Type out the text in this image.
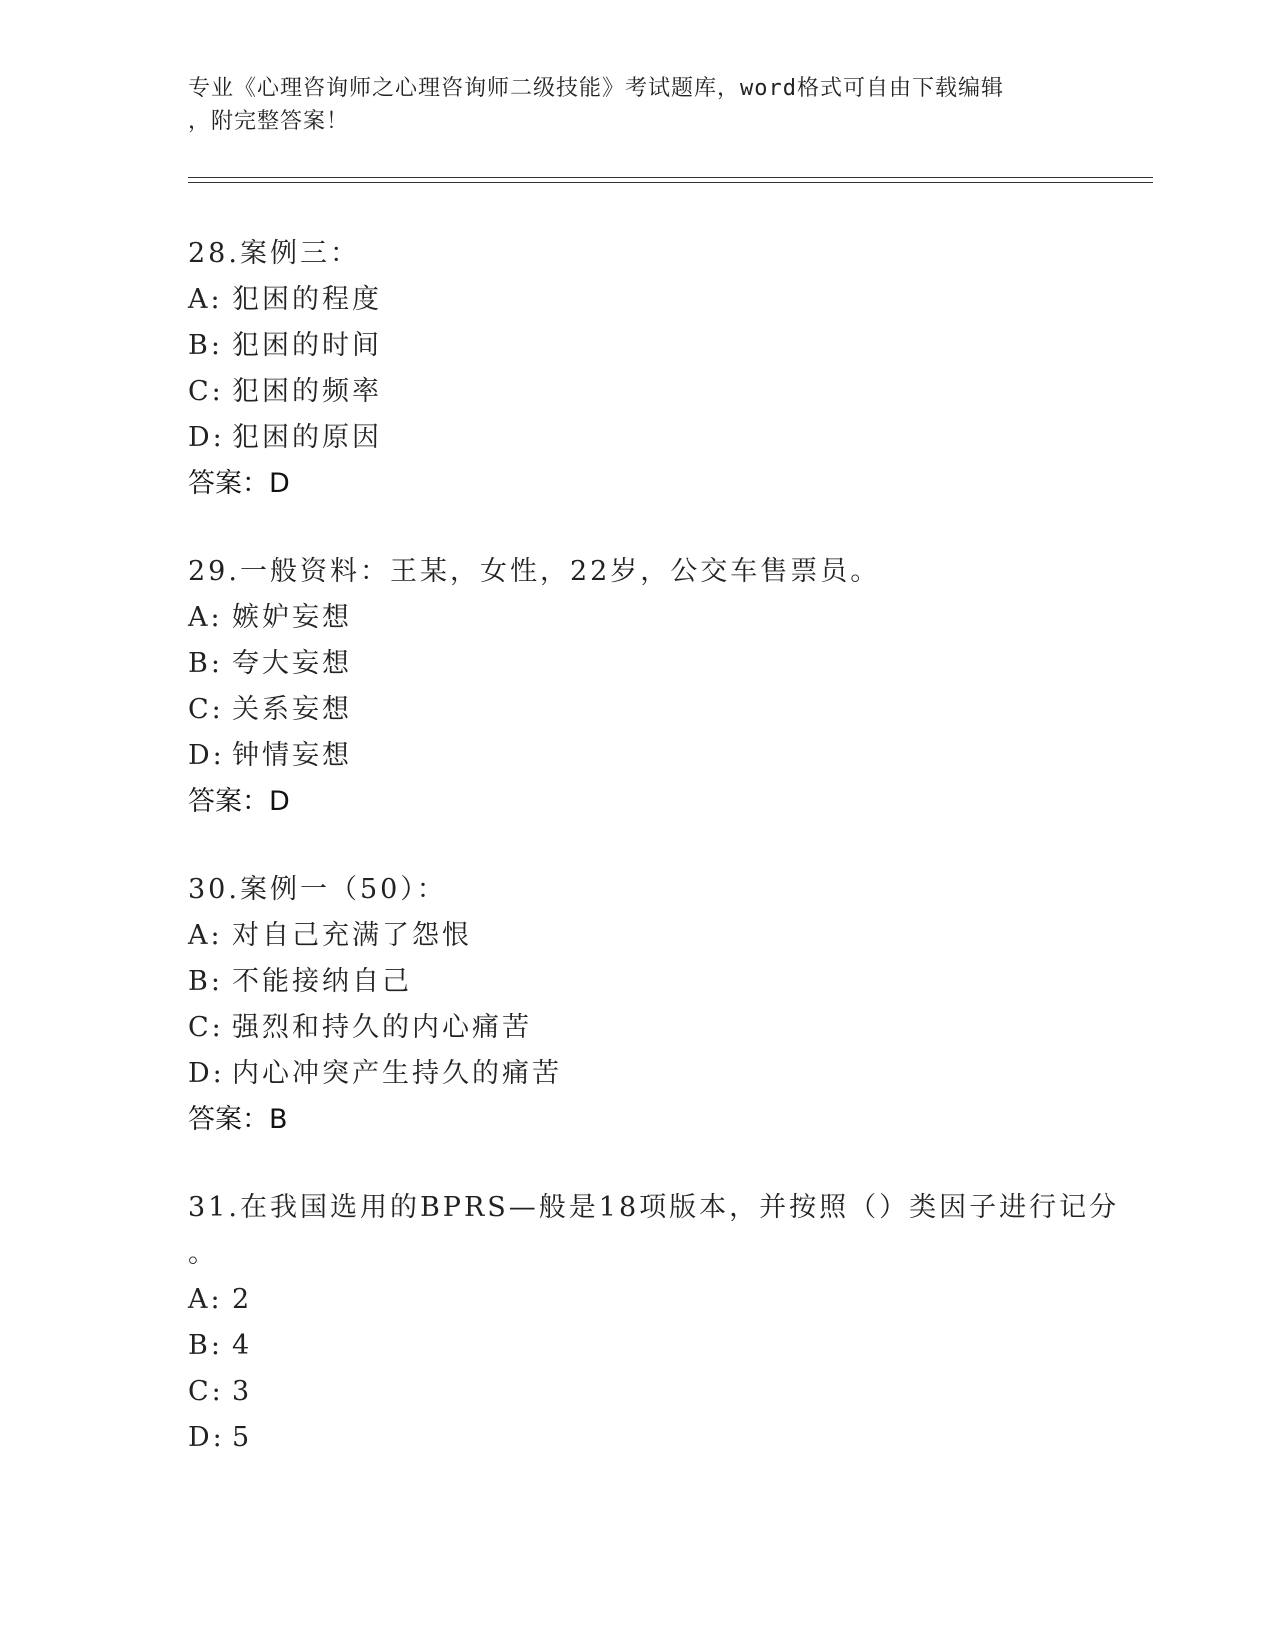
专业《心理咨询师之心理咨询师二级技能》考试题库，word格式可自由下载编辑
，附完整答案！
28.案例三：
A: 犯困的程度
B: 犯困的时间
C: 犯困的频率
D: 犯困的原因
答案：D
29.一般资料：王某，女性，22岁，公交车售票员。
A: 嫉妒妄想
B: 夸大妄想
C: 关系妄想
D: 钟情妄想
答案：D
30.案例一（50）：
A: 对自己充满了怨恨
B: 不能接纳自己
C: 强烈和持久的内心痛苦
D: 内心冲突产生持久的痛苦
答案：B
31.在我国选用的BPRS—般是18项版本，并按照（）类因子进行记分
。
A: 2
B: 4
C: 3
D: 5
